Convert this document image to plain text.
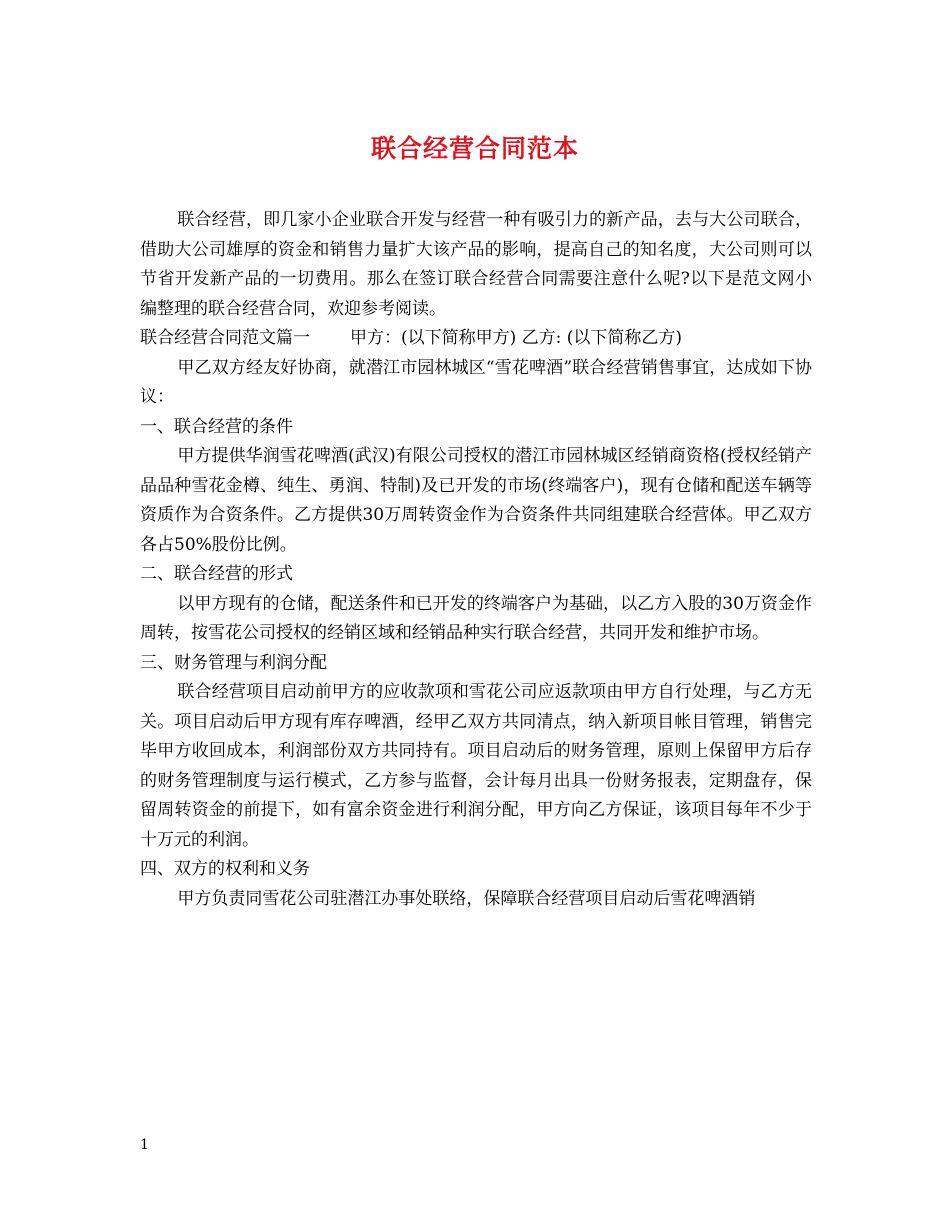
联合经营合同范本

联合经营，即几家小企业联合开发与经营一种有吸引力的新产品，去与大公司联合，借助大公司雄厚的资金和销售力量扩大该产品的影响，提高自己的知名度，大公司则可以节省开发新产品的一切费用。那么在签订联合经营合同需要注意什么呢?以下是范文网小编整理的联合经营合同，欢迎参考阅读。

联合经营合同范文篇一 甲方：(以下简称甲方) 乙方: (以下简称乙方)

甲乙双方经友好协商，就潜江市园林城区“雪花啤酒”联合经营销售事宜，达成如下协议：

一、联合经营的条件

甲方提供华润雪花啤酒(武汉)有限公司授权的潜江市园林城区经销商资格(授权经销产品品种雪花金樽、纯生、勇润、特制)及已开发的市场(终端客户)，现有仓储和配送车辆等资质作为合资条件。乙方提供30万周转资金作为合资条件共同组建联合经营体。甲乙双方各占50%股份比例。

二、联合经营的形式

以甲方现有的仓储，配送条件和已开发的终端客户为基础，以乙方入股的30万资金作周转，按雪花公司授权的经销区域和经销品种实行联合经营，共同开发和维护市场。

三、财务管理与利润分配

联合经营项目启动前甲方的应收款项和雪花公司应返款项由甲方自行处理，与乙方无关。项目启动后甲方现有库存啤酒，经甲乙双方共同清点，纳入新项目帐目管理，销售完毕甲方收回成本，利润部份双方共同持有。项目启动后的财务管理，原则上保留甲方后存的财务管理制度与运行模式，乙方参与监督，会计每月出具一份财务报表，定期盘存，保留周转资金的前提下，如有富余资金进行利润分配，甲方向乙方保证，该项目每年不少于十万元的利润。

四、双方的权利和义务

甲方负责同雪花公司驻潜江办事处联络，保障联合经营项目启动后雪花啤酒销

1
